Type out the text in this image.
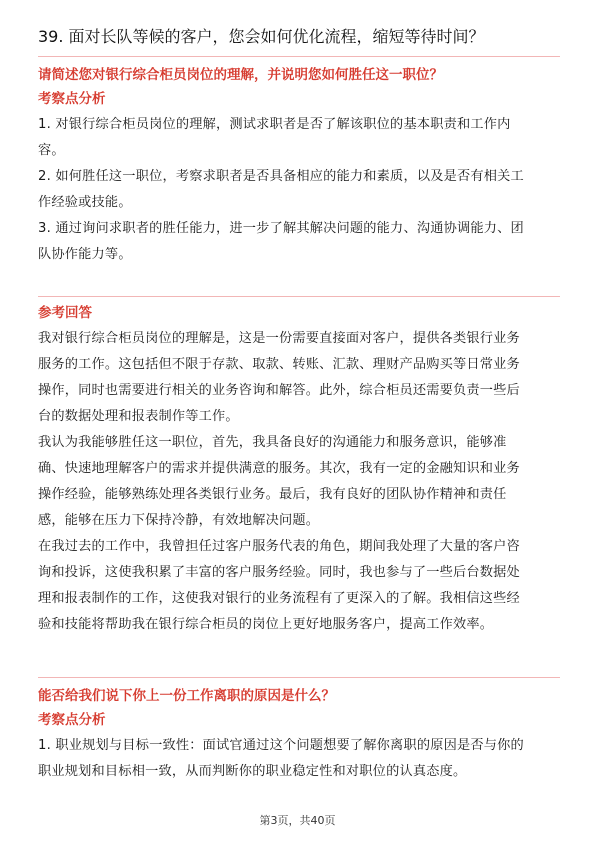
39. 面对长队等候的客户，您会如何优化流程，缩短等待时间？
请简述您对银行综合柜员岗位的理解，并说明您如何胜任这一职位？
考察点分析
1. 对银行综合柜员岗位的理解，测试求职者是否了解该职位的基本职责和工作内
容。
2. 如何胜任这一职位，考察求职者是否具备相应的能力和素质，以及是否有相关工
作经验或技能。
3. 通过询问求职者的胜任能力，进一步了解其解决问题的能力、沟通协调能力、团
队协作能力等。
参考回答
我对银行综合柜员岗位的理解是，这是一份需要直接面对客户，提供各类银行业务
服务的工作。这包括但不限于存款、取款、转账、汇款、理财产品购买等日常业务
操作，同时也需要进行相关的业务咨询和解答。此外，综合柜员还需要负责一些后
台的数据处理和报表制作等工作。
我认为我能够胜任这一职位，首先，我具备良好的沟通能力和服务意识，能够准
确、快速地理解客户的需求并提供满意的服务。其次，我有一定的金融知识和业务
操作经验，能够熟练处理各类银行业务。最后，我有良好的团队协作精神和责任
感，能够在压力下保持冷静，有效地解决问题。
在我过去的工作中，我曾担任过客户服务代表的角色，期间我处理了大量的客户咨
询和投诉，这使我积累了丰富的客户服务经验。同时，我也参与了一些后台数据处
理和报表制作的工作，这使我对银行的业务流程有了更深入的了解。我相信这些经
验和技能将帮助我在银行综合柜员的岗位上更好地服务客户，提高工作效率。
能否给我们说下你上一份工作离职的原因是什么？
考察点分析
1. 职业规划与目标一致性：面试官通过这个问题想要了解你离职的原因是否与你的
职业规划和目标相一致，从而判断你的职业稳定性和对职位的认真态度。
第3页，共40页
